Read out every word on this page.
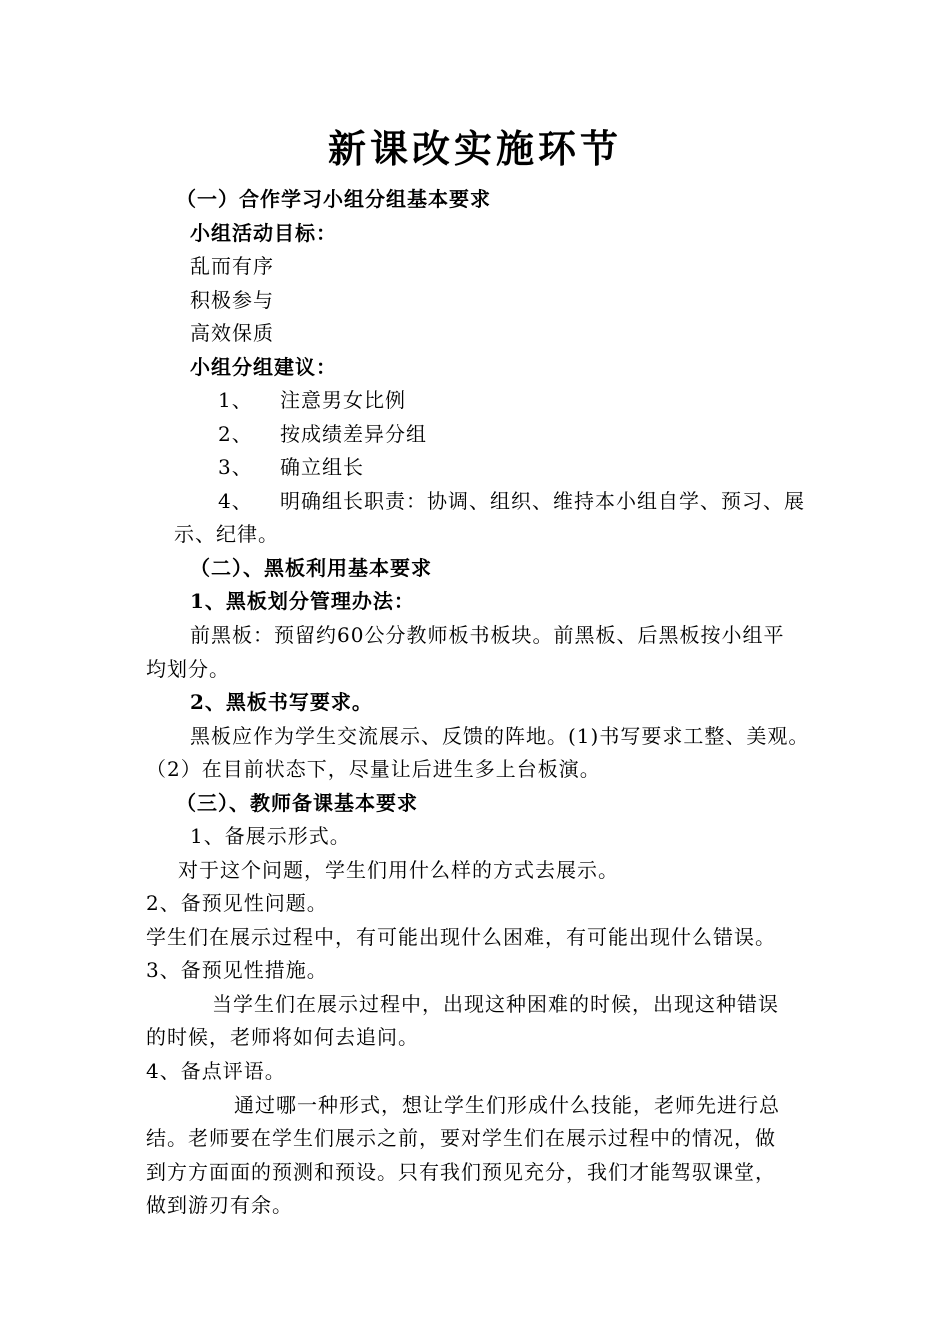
新课改实施环节
（一）合作学习小组分组基本要求
小组活动目标：
乱而有序
积极参与
高效保质
小组分组建议：
1、 注意男女比例
2、 按成绩差异分组
3、 确立组长
4、 明确组长职责：协调、组织、维持本小组自学、预习、展
示、纪律。
（二）、黑板利用基本要求
1、黑板划分管理办法：
前黑板：预留约60公分教师板书板块。前黑板、后黑板按小组平
均划分。
2、黑板书写要求。
黑板应作为学生交流展示、反馈的阵地。(1)书写要求工整、美观。
（2）在目前状态下，尽量让后进生多上台板演。
（三）、教师备课基本要求
1、备展示形式。
对于这个问题，学生们用什么样的方式去展示。
2、备预见性问题。
学生们在展示过程中，有可能出现什么困难，有可能出现什么错误。
3、备预见性措施。
当学生们在展示过程中，出现这种困难的时候，出现这种错误
的时候，老师将如何去追问。
4、备点评语。
通过哪一种形式，想让学生们形成什么技能，老师先进行总
结。老师要在学生们展示之前，要对学生们在展示过程中的情况，做
到方方面面的预测和预设。只有我们预见充分，我们才能驾驭课堂，
做到游刃有余。
